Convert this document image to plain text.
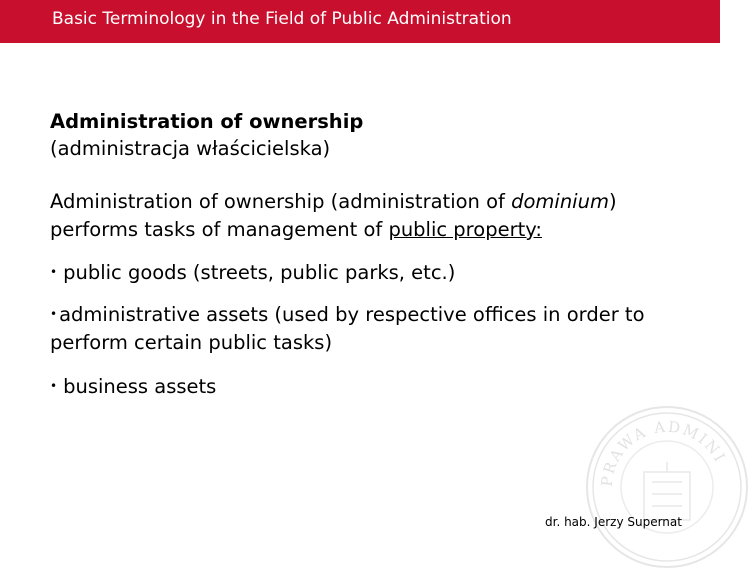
Basic Terminology in the Field of Public Administration
Administration of ownership
(administracja właścicielska)
Administration of ownership (administration of dominium) performs tasks of management of public property:
• public goods (streets, public parks, etc.)
• administrative assets (used by respective offices in order to perform certain public tasks)
• business assets
PRAWA ADMINI
dr. hab. Jerzy Supernat
